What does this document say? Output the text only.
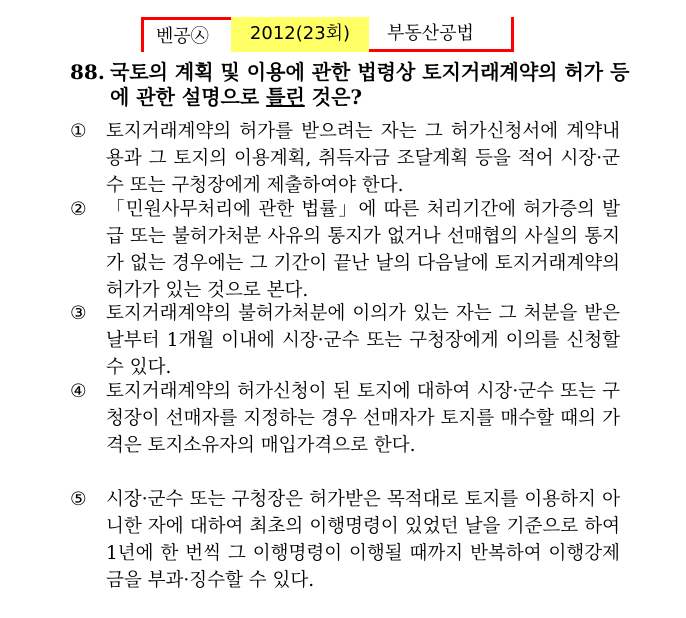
벤공㉦	2012(23회)	부동산공법
88. 국토의 계획 및 이용에 관한 법령상 토지거래계약의 허가 등에 관한 설명으로 틀린 것은?
① 토지거래계약의 허가를 받으려는 자는 그 허가신청서에 계약내용과 그 토지의 이용계획, 취득자금 조달계획 등을 적어 시장·군수 또는 구청장에게 제출하여야 한다.
② 「민원사무처리에 관한 법률」에 따른 처리기간에 허가증의 발급 또는 불허가처분 사유의 통지가 없거나 선매협의 사실의 통지가 없는 경우에는 그 기간이 끝난 날의 다음날에 토지거래계약의 허가가 있는 것으로 본다.
③ 토지거래계약의 불허가처분에 이의가 있는 자는 그 처분을 받은 날부터 1개월 이내에 시장·군수 또는 구청장에게 이의를 신청할 수 있다.
④ 토지거래계약의 허가신청이 된 토지에 대하여 시장·군수 또는 구청장이 선매자를 지정하는 경우 선매자가 토지를 매수할 때의 가격은 토지소유자의 매입가격으로 한다.
⑤ 시장·군수 또는 구청장은 허가받은 목적대로 토지를 이용하지 아니한 자에 대하여 최초의 이행명령이 있었던 날을 기준으로 하여 1년에 한 번씩 그 이행명령이 이행될 때까지 반복하여 이행강제금을 부과·징수할 수 있다.
